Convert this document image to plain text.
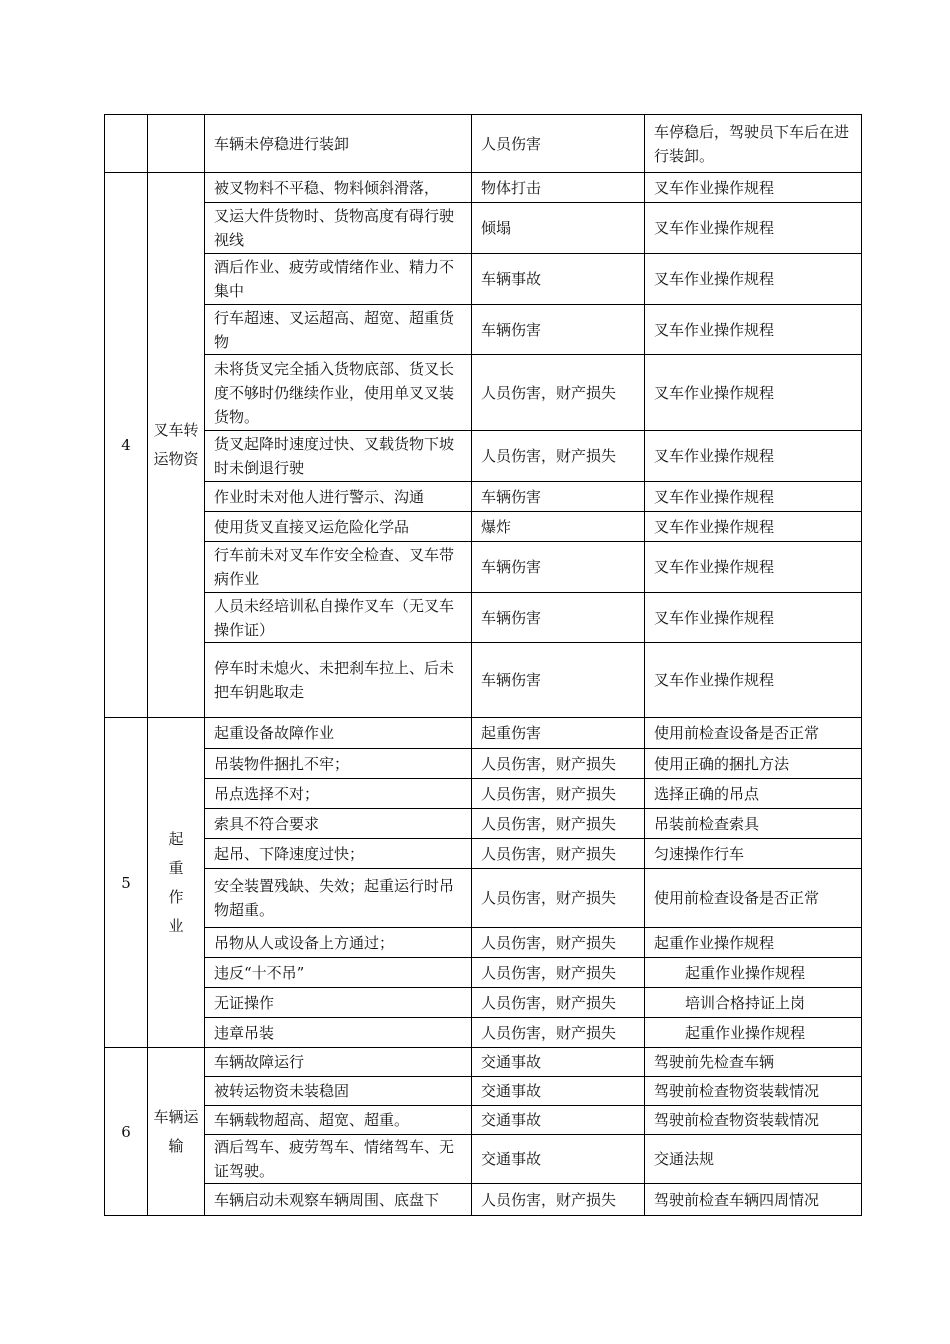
		车辆未停稳进行装卸	人员伤害	车停稳后，驾驶员下车后在进行装卸。
4	叉车转运物资	被叉物料不平稳、物料倾斜滑落，	物体打击	叉车作业操作规程
		叉运大件货物时、货物高度有碍行驶视线	倾塌	叉车作业操作规程
		酒后作业、疲劳或情绪作业、精力不集中	车辆事故	叉车作业操作规程
		行车超速、叉运超高、超宽、超重货物	车辆伤害	叉车作业操作规程
		未将货叉完全插入货物底部、货叉长度不够时仍继续作业，使用单叉叉装货物。	人员伤害，财产损失	叉车作业操作规程
		货叉起降时速度过快、叉载货物下坡时未倒退行驶	人员伤害，财产损失	叉车作业操作规程
		作业时未对他人进行警示、沟通	车辆伤害	叉车作业操作规程
		使用货叉直接叉运危险化学品	爆炸	叉车作业操作规程
		行车前未对叉车作安全检查、叉车带病作业	车辆伤害	叉车作业操作规程
		人员未经培训私自操作叉车（无叉车操作证）	车辆伤害	叉车作业操作规程
		停车时未熄火、未把刹车拉上、后未把车钥匙取走	车辆伤害	叉车作业操作规程
5	起重作业	起重设备故障作业	起重伤害	使用前检查设备是否正常
		吊装物件捆扎不牢；	人员伤害，财产损失	使用正确的捆扎方法
		吊点选择不对；	人员伤害，财产损失	选择正确的吊点
		索具不符合要求	人员伤害，财产损失	吊装前检查索具
		起吊、下降速度过快；	人员伤害，财产损失	匀速操作行车
		安全装置残缺、失效；起重运行时吊物超重。	人员伤害，财产损失	使用前检查设备是否正常
		吊物从人或设备上方通过；	人员伤害，财产损失	起重作业操作规程
		违反“十不吊”	人员伤害，财产损失	起重作业操作规程
		无证操作	人员伤害，财产损失	培训合格持证上岗
		违章吊装	人员伤害，财产损失	起重作业操作规程
6	车辆运输	车辆故障运行	交通事故	驾驶前先检查车辆
		被转运物资未装稳固	交通事故	驾驶前检查物资装载情况
		车辆载物超高、超宽、超重。	交通事故	驾驶前检查物资装载情况
		酒后驾车、疲劳驾车、情绪驾车、无证驾驶。	交通事故	交通法规
		车辆启动未观察车辆周围、底盘下	人员伤害，财产损失	驾驶前检查车辆四周情况
